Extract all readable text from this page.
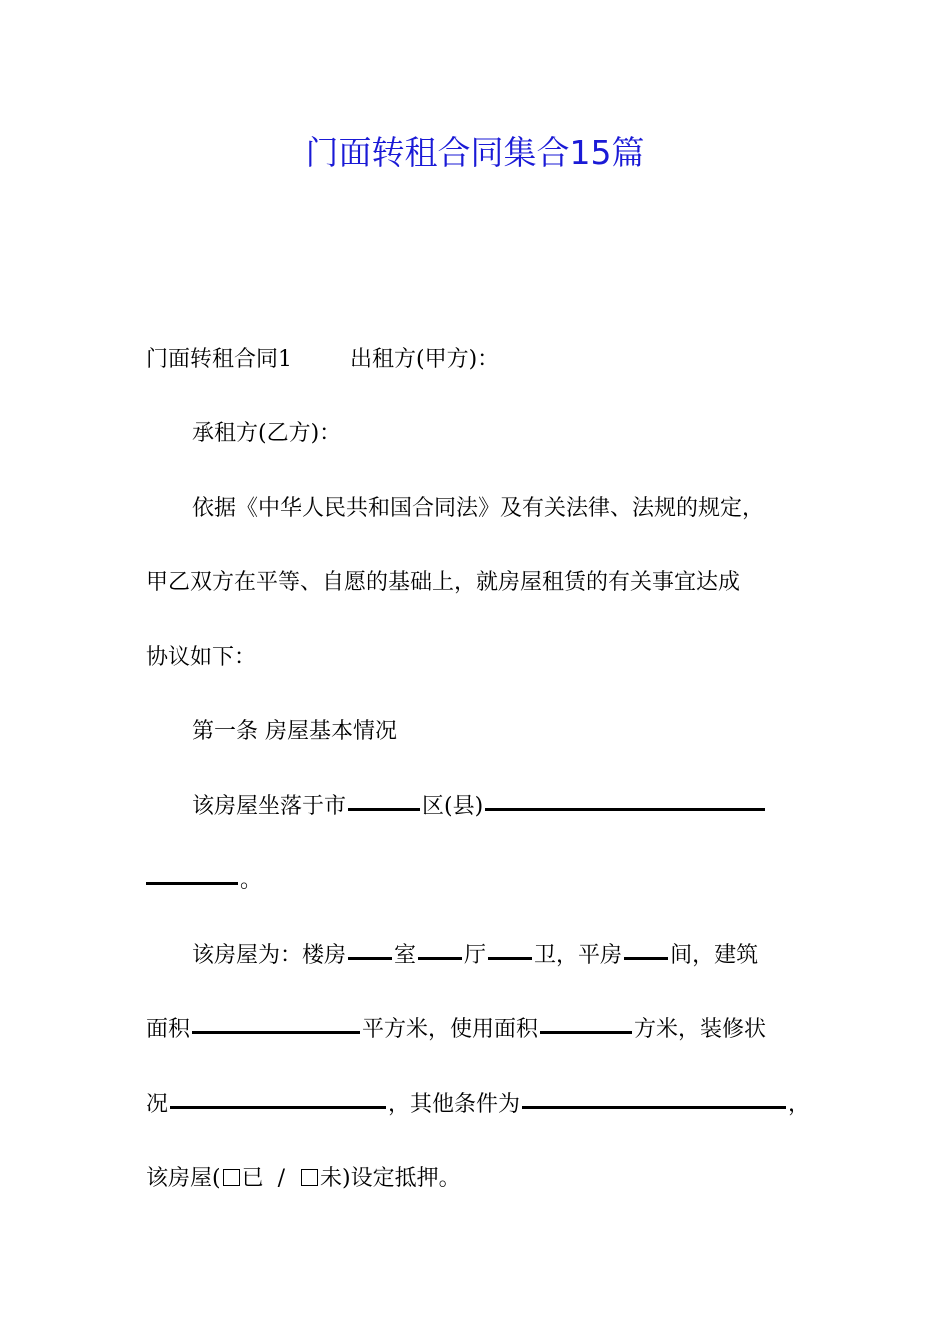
门面转租合同集合15篇
门面转租合同1	出租方(甲方)：
承租方(乙方)：
依据《中华人民共和国合同法》及有关法律、法规的规定，
甲乙双方在平等、自愿的基础上，就房屋租赁的有关事宜达成
协议如下：
第一条 房屋基本情况
该房屋坐落于市	区(县)
。
该房屋为：楼房 室 厅 卫，平房 间，建筑
面积	平方米，使用面积	方米，装修状
况	，其他条件为	，
该房屋( 已 / 未)设定抵押。
